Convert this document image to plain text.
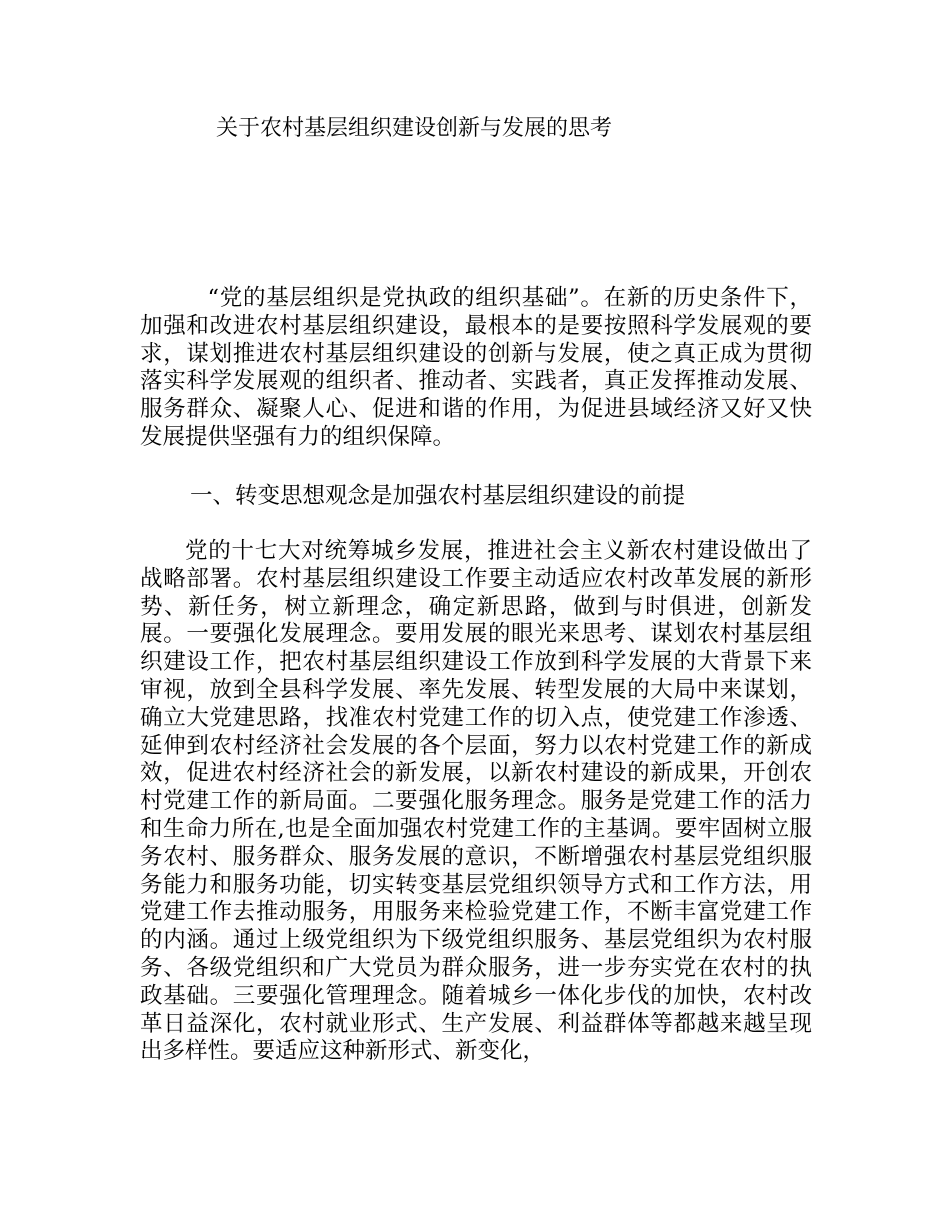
关于农村基层组织建设创新与发展的思考

“党的基层组织是党执政的组织基础”。在新的历史条件下，加强和改进农村基层组织建设，最根本的是要按照科学发展观的要求，谋划推进农村基层组织建设的创新与发展，使之真正成为贯彻落实科学发展观的组织者、推动者、实践者，真正发挥推动发展、服务群众、凝聚人心、促进和谐的作用，为促进县域经济又好又快发展提供坚强有力的组织保障。

一、转变思想观念是加强农村基层组织建设的前提

党的十七大对统筹城乡发展，推进社会主义新农村建设做出了战略部署。农村基层组织建设工作要主动适应农村改革发展的新形势、新任务，树立新理念，确定新思路，做到与时俱进，创新发展。一要强化发展理念。要用发展的眼光来思考、谋划农村基层组织建设工作，把农村基层组织建设工作放到科学发展的大背景下来审视，放到全县科学发展、率先发展、转型发展的大局中来谋划，确立大党建思路，找准农村党建工作的切入点，使党建工作渗透、延伸到农村经济社会发展的各个层面，努力以农村党建工作的新成效，促进农村经济社会的新发展，以新农村建设的新成果，开创农村党建工作的新局面。二要强化服务理念。服务是党建工作的活力和生命力所在,也是全面加强农村党建工作的主基调。要牢固树立服务农村、服务群众、服务发展的意识，不断增强农村基层党组织服务能力和服务功能，切实转变基层党组织领导方式和工作方法，用党建工作去推动服务，用服务来检验党建工作，不断丰富党建工作的内涵。通过上级党组织为下级党组织服务、基层党组织为农村服务、各级党组织和广大党员为群众服务，进一步夯实党在农村的执政基础。三要强化管理理念。随着城乡一体化步伐的加快，农村改革日益深化，农村就业形式、生产发展、利益群体等都越来越呈现出多样性。要适应这种新形式、新变化，
